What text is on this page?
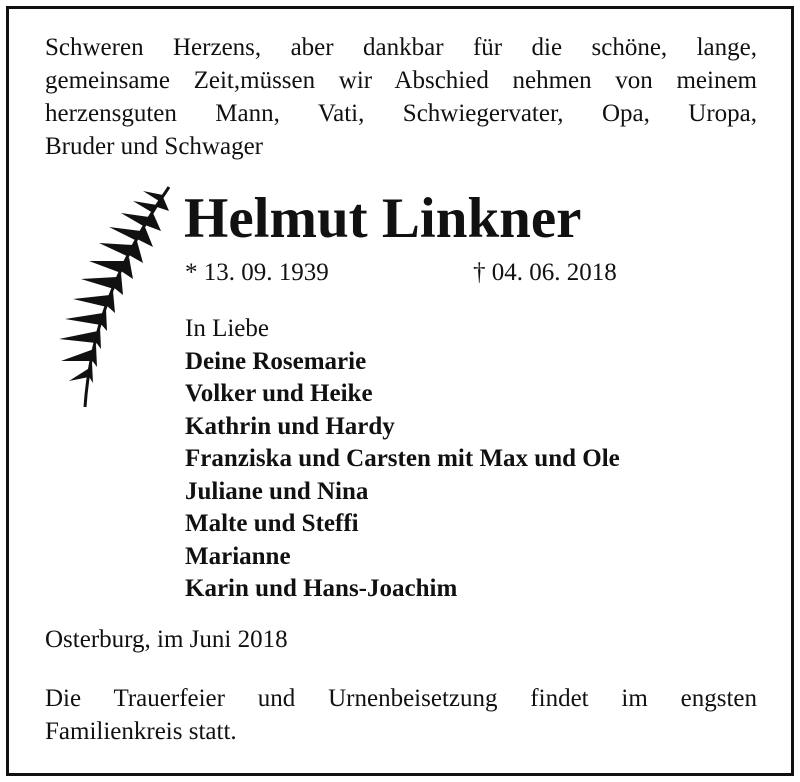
Schweren Herzens, aber dankbar für die schöne, lange,
gemeinsame Zeit,müssen wir Abschied nehmen von meinem
herzensguten Mann, Vati, Schwiegervater, Opa, Uropa,
Bruder und Schwager
Helmut Linkner
* 13. 09. 1939	† 04. 06. 2018
In Liebe
Deine Rosemarie
Volker und Heike
Kathrin und Hardy
Franziska und Carsten mit Max und Ole
Juliane und Nina
Malte und Steffi
Marianne
Karin und Hans-Joachim
Osterburg, im Juni 2018
Die Trauerfeier und Urnenbeisetzung findet im engsten
Familienkreis statt.
